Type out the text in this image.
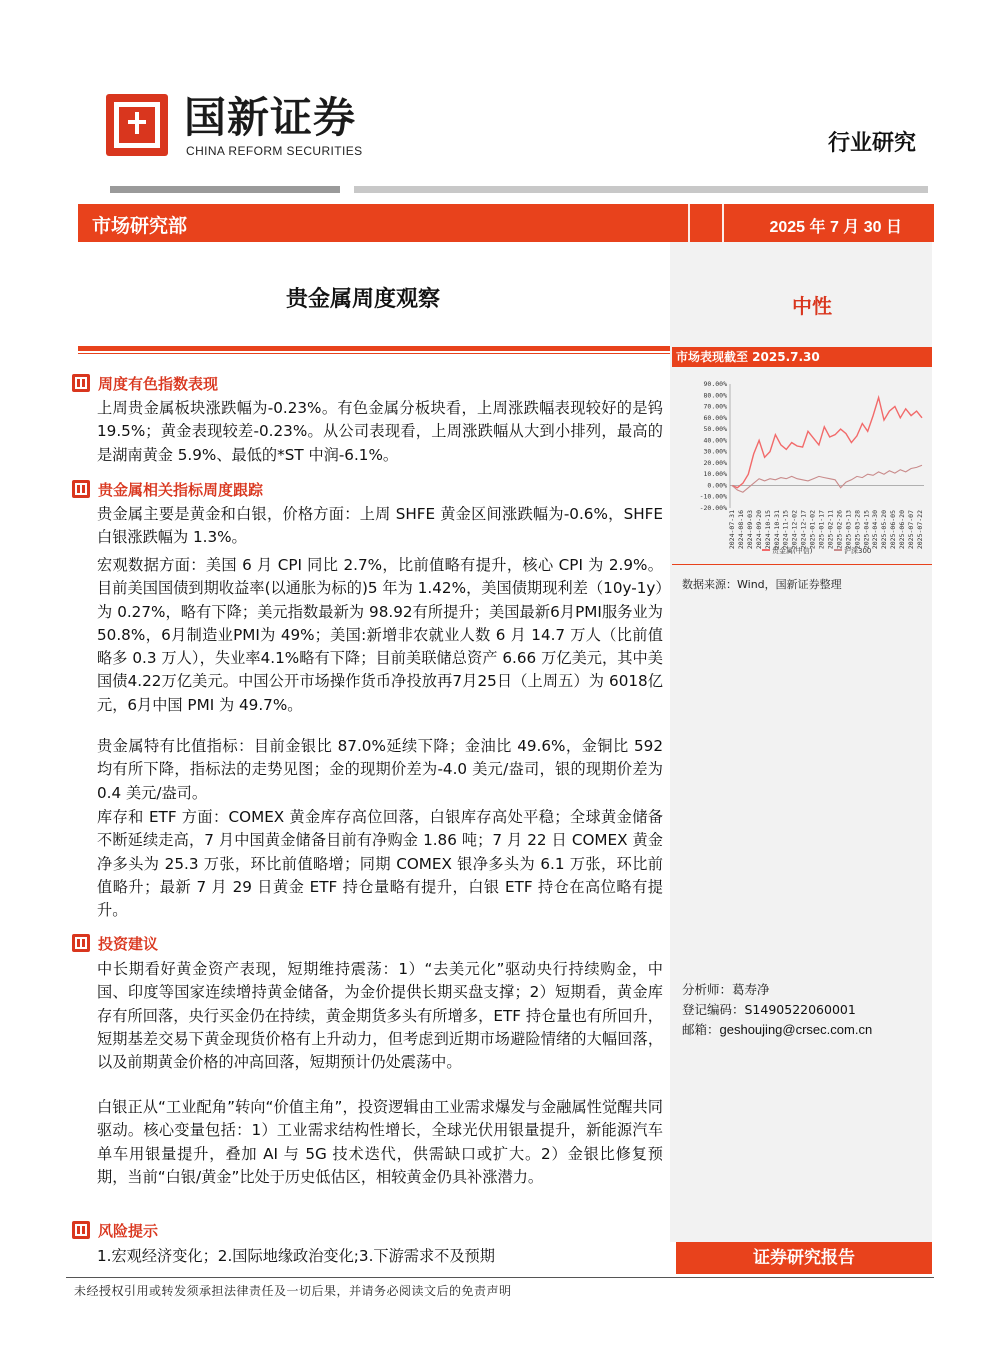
国新证券
CHINA REFORM SECURITIES	行业研究
市场研究部	2025 年 7 月 30 日
贵金属周度观察	中性
市场表现截至 2025.7.30
90.00%
80.00%
70.00%
60.00%
50.00%
40.00%
30.00%
20.00%
10.00%
0.00%
-10.00%
-20.00%
2024-07-31 2024-08-16 2024-09-03 2024-09-20 2024-10-15 2024-10-31 2024-11-15 2024-12-02 2024-12-17 2025-01-02 2025-01-17 2025-02-11 2025-02-26 2025-03-13 2025-03-28 2025-04-15 2025-04-30 2025-05-20 2025-06-05 2025-06-20 2025-07-07 2025-07-22
贵金属(中信)	沪深300
数据来源：Wind，国新证券整理
分析师：葛寿净
登记编码：S1490522060001
邮箱：geshoujing@crsec.com.cn
周度有色指数表现
上周贵金属板块涨跌幅为-0.23%。有色金属分板块看，上周涨跌幅表现较好的是钨 19.5%；黄金表现较差-0.23%。从公司表现看，上周涨跌幅从大到小排列，最高的是湖南黄金 5.9%、最低的*ST 中润-6.1%。
贵金属相关指标周度跟踪
贵金属主要是黄金和白银，价格方面：上周 SHFE 黄金区间涨跌幅为-0.6%，SHFE 白银涨跌幅为 1.3%。
宏观数据方面：美国 6 月 CPI 同比 2.7%，比前值略有提升，核心 CPI 为 2.9%。目前美国国债到期收益率(以通胀为标的)5 年为 1.42%，美国债期现利差（10y-1y）为 0.27%，略有下降；美元指数最新为 98.92有所提升；美国最新6月PMI服务业为50.8%，6月制造业PMI为 49%；美国:新增非农就业人数 6 月 14.7 万人（比前值略多 0.3 万人），失业率4.1%略有下降；目前美联储总资产 6.66 万亿美元，其中美国债4.22万亿美元。中国公开市场操作货币净投放再7月25日（上周五）为 6018亿元，6月中国 PMI 为 49.7%。
贵金属特有比值指标：目前金银比 87.0%延续下降；金油比 49.6%，金铜比 592 均有所下降，指标法的走势见图；金的现期价差为-4.0 美元/盎司，银的现期价差为 0.4 美元/盎司。
库存和 ETF 方面：COMEX 黄金库存高位回落，白银库存高处平稳；全球黄金储备不断延续走高，7 月中国黄金储备目前有净购金 1.86 吨；7 月 22 日 COMEX 黄金净多头为 25.3 万张，环比前值略增；同期 COMEX 银净多头为 6.1 万张，环比前值略升；最新 7 月 29 日黄金 ETF 持仓量略有提升，白银 ETF 持仓在高位略有提升。
投资建议
中长期看好黄金资产表现，短期维持震荡：1）“去美元化”驱动央行持续购金，中国、印度等国家连续增持黄金储备，为金价提供长期买盘支撑；2）短期看，黄金库存有所回落，央行买金仍在持续，黄金期货多头有所增多，ETF 持仓量也有所回升，短期基差交易下黄金现货价格有上升动力，但考虑到近期市场避险情绪的大幅回落，以及前期黄金价格的冲高回落，短期预计仍处震荡中。
白银正从“工业配角”转向“价值主角”，投资逻辑由工业需求爆发与金融属性觉醒共同驱动。核心变量包括：1）工业需求结构性增长，全球光伏用银量提升，新能源汽车单车用银量提升，叠加 AI 与 5G 技术迭代，供需缺口或扩大。2）金银比修复预期，当前“白银/黄金”比处于历史低估区，相较黄金仍具补涨潜力。
风险提示
1.宏观经济变化；2.国际地缘政治变化;3.下游需求不及预期	证券研究报告
未经授权引用或转发须承担法律责任及一切后果，并请务必阅读文后的免责声明
